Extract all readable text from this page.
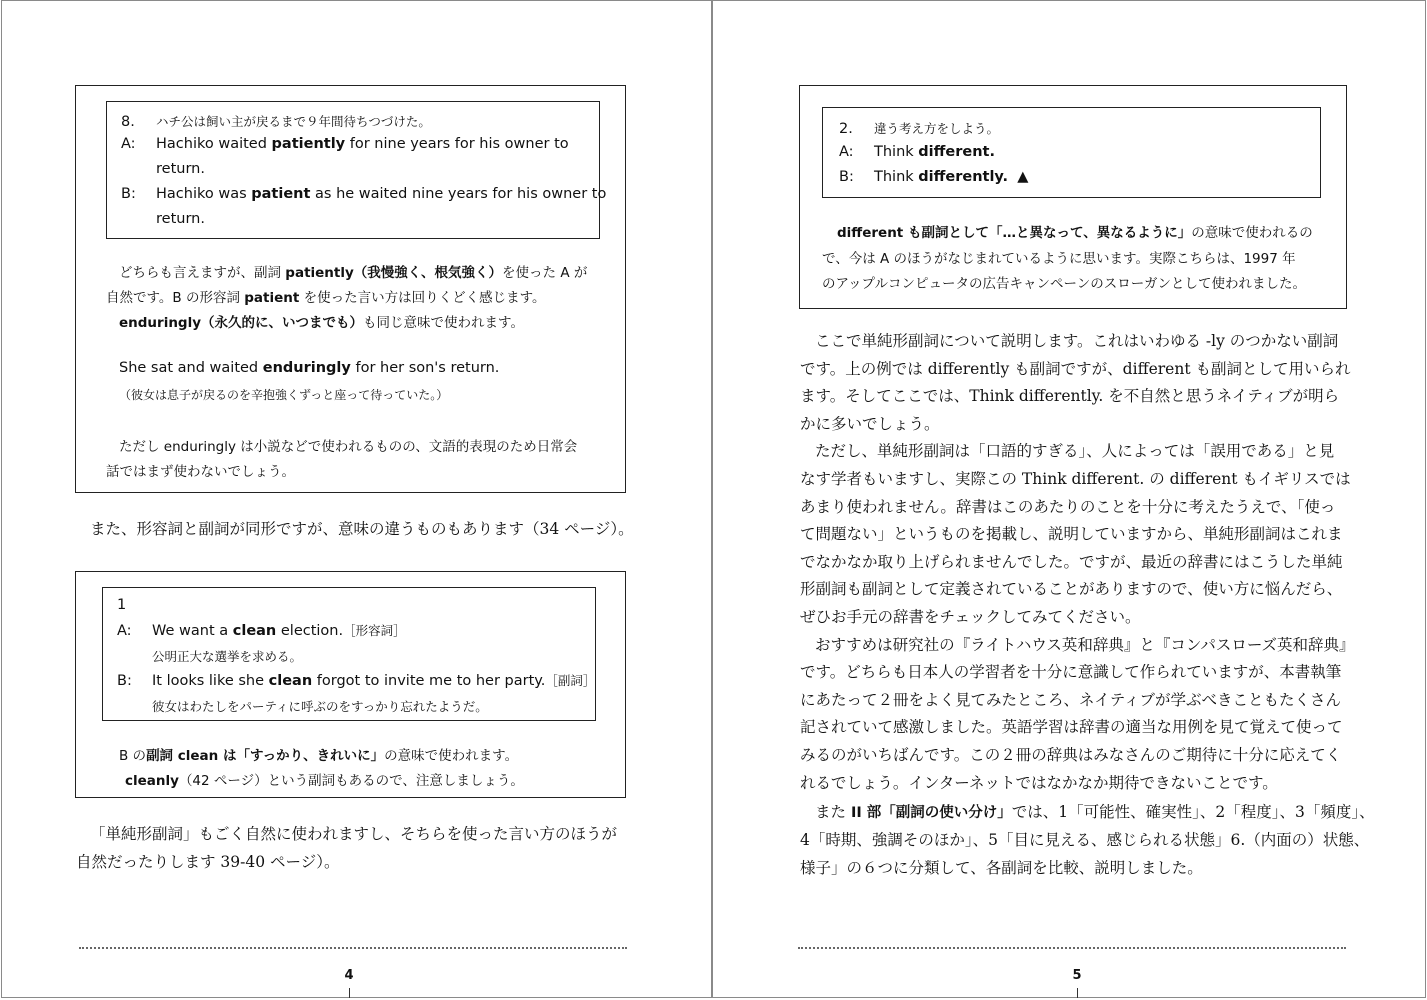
8. ハチ公は飼い主が戻るまで９年間待ちつづけた。
A: Hachiko waited patiently for nine years for his owner to
return.
B: Hachiko was patient as he waited nine years for his owner to
return.
どちらも言えますが、副詞 patiently（我慢強く、根気強く）を使った A が
自然です。B の形容詞 patient を使った言い方は回りくどく感じます。
enduringly（永久的に、いつまでも）も同じ意味で使われます。
She sat and waited enduringly for her son's return.
（彼女は息子が戻るのを辛抱強くずっと座って待っていた。）
ただし enduringly は小説などで使われるものの、文語的表現のため日常会
話ではまず使わないでしょう。
また、形容詞と副詞が同形ですが、意味の違うものもあります（34 ページ）。
1
A: We want a clean election.［形容詞］
公明正大な選挙を求める。
B: It looks like she clean forgot to invite me to her party.［副詞］
彼女はわたしをパーティに呼ぶのをすっかり忘れたようだ。
B の副詞 clean は「すっかり、きれいに」の意味で使われます。
cleanly（42 ページ）という副詞もあるので、注意しましょう。
「単純形副詞」もごく自然に使われますし、そちらを使った言い方のほうが
自然だったりします 39-40 ページ）。
4
2. 違う考え方をしよう。
A: Think different.
B: Think differently. ▲
different も副詞として「…と異なって、異なるように」の意味で使われるの
で、今は A のほうがなじまれているように思います。実際こちらは、1997 年
のアップルコンピュータの広告キャンペーンのスローガンとして使われました。
ここで単純形副詞について説明します。これはいわゆる -ly のつかない副詞
です。上の例では differently も副詞ですが、different も副詞として用いられ
ます。そしてここでは、Think differently. を不自然と思うネイティブが明ら
かに多いでしょう。
ただし、単純形副詞は「口語的すぎる」、人によっては「誤用である」と見
なす学者もいますし、実際この Think different. の different もイギリスでは
あまり使われません。辞書はこのあたりのことを十分に考えたうえで、「使っ
て問題ない」というものを掲載し、説明していますから、単純形副詞はこれま
でなかなか取り上げられませんでした。ですが、最近の辞書にはこうした単純
形副詞も副詞として定義されていることがありますので、使い方に悩んだら、
ぜひお手元の辞書をチェックしてみてください。
おすすめは研究社の『ライトハウス英和辞典』と『コンパスローズ英和辞典』
です。どちらも日本人の学習者を十分に意識して作られていますが、本書執筆
にあたって２冊をよく見てみたところ、ネイティブが学ぶべきこともたくさん
記されていて感激しました。英語学習は辞書の適当な用例を見て覚えて使って
みるのがいちばんです。この２冊の辞典はみなさんのご期待に十分に応えてく
れるでしょう。インターネットではなかなか期待できないことです。
また II 部「副詞の使い分け」では、1「可能性、確実性」、2「程度」、3「頻度」、
4「時期、強調そのほか」、5「目に見える、感じられる状態」6.（内面の）状態、
様子」の６つに分類して、各副詞を比較、説明しました。
5
